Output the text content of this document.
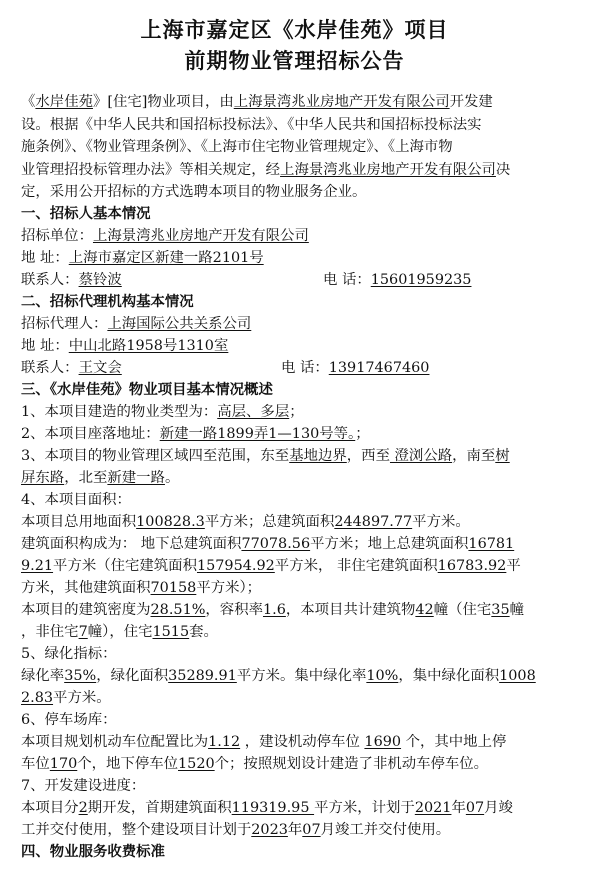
上海市嘉定区《水岸佳苑》项目
前期物业管理招标公告
《水岸佳苑》[住宅]物业项目，由上海景湾兆业房地产开发有限公司开发建
设。根据《中华人民共和国招标投标法》、《中华人民共和国招标投标法实
施条例》、《物业管理条例》、《上海市住宅物业管理规定》、《上海市物
业管理招投标管理办法》等相关规定，经上海景湾兆业房地产开发有限公司决
定，采用公开招标的方式选聘本项目的物业服务企业。
一、招标人基本情况
招标单位：上海景湾兆业房地产开发有限公司
地 址：上海市嘉定区新建一路2101号
联系人：蔡铃波	电 话：15601959235
二、招标代理机构基本情况
招标代理人：上海国际公共关系公司
地 址：中山北路1958号1310室
联系人：王文会	电 话：13917467460
三、《水岸佳苑》物业项目基本情况概述
1、本项目建造的物业类型为：高层、多层；
2、本项目座落地址：新建一路1899弄1—130号等。；
3、本项目的物业管理区域四至范围，东至基地边界，西至 澄浏公路，南至树
屏东路，北至新建一路。
4、本项目面积：
本项目总用地面积100828.3平方米；总建筑面积244897.77平方米。
建筑面积构成为： 地下总建筑面积77078.56平方米；地上总建筑面积16781
9.21平方米（住宅建筑面积157954.92平方米， 非住宅建筑面积16783.92平
方米，其他建筑面积70158平方米）；
本项目的建筑密度为28.51%，容积率1.6，本项目共计建筑物42幢（住宅35幢
，非住宅7幢），住宅1515套。
5、绿化指标：
绿化率35%，绿化面积35289.91平方米。集中绿化率10%，集中绿化面积1008
2.83平方米。
6、停车场库：
本项目规划机动车位配置比为1.12 ，建设机动停车位 1690 个，其中地上停
车位170个，地下停车位1520个；按照规划设计建造了非机动车停车位。
7、开发建设进度：
本项目分2期开发，首期建筑面积119319.95 平方米，计划于2021年07月竣
工并交付使用，整个建设项目计划于2023年07月竣工并交付使用。
四、物业服务收费标准
